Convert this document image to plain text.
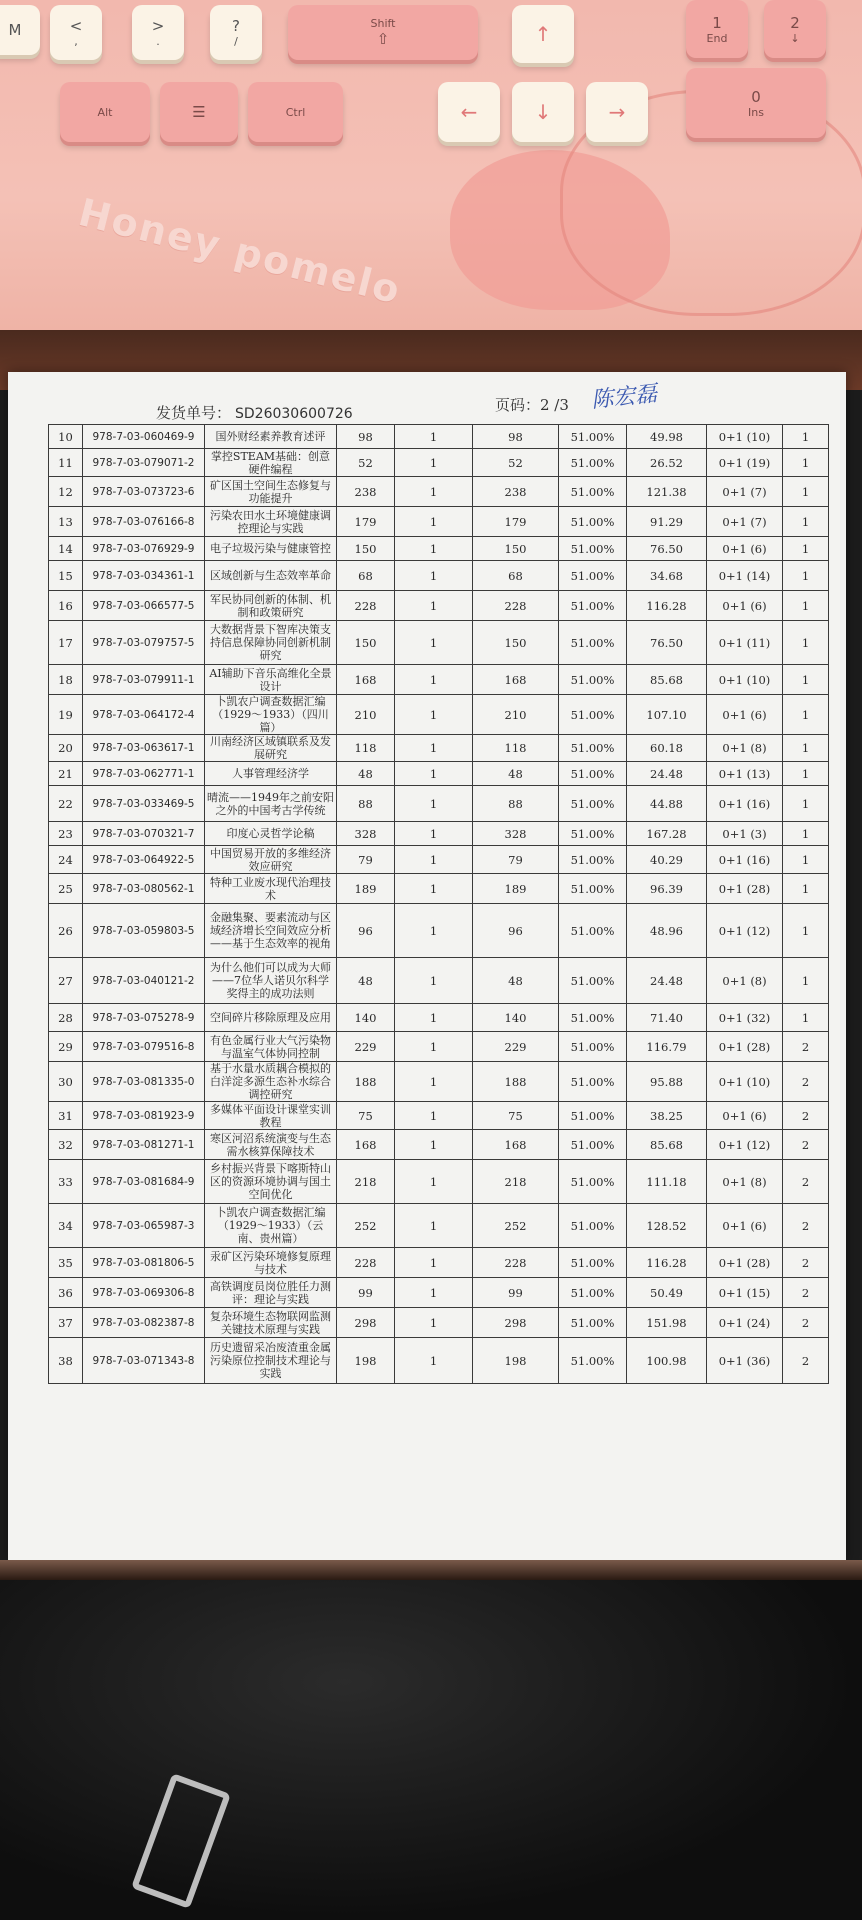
M	<
,
>
.
?
/
Shift
⇧	↑	1
End
2
↓
Alt	☰	Ctrl	←	↓	→
0
Ins
Honey pomelo
发货单号： SD26030600726	页码：2 /3 陈宏磊
10	978-7-03-060469-9	国外财经素养教育述评	98	1	98	51.00%	49.98	0+1 (10)	1
11	978-7-03-079071-2	掌控STEAM基础：创意硬件编程	52	1	52	51.00%	26.52	0+1 (19)	1
12	978-7-03-073723-6	矿区国土空间生态修复与功能提升	238	1	238	51.00%	121.38	0+1 (7)	1
13	978-7-03-076166-8	污染农田水土环境健康调控理论与实践	179	1	179	51.00%	91.29	0+1 (7)	1
14	978-7-03-076929-9	电子垃圾污染与健康管控	150	1	150	51.00%	76.50	0+1 (6)	1
15	978-7-03-034361-1	区域创新与生态效率革命	68	1	68	51.00%	34.68	0+1 (14)	1
16	978-7-03-066577-5	军民协同创新的体制、机制和政策研究	228	1	228	51.00%	116.28	0+1 (6)	1
17	978-7-03-079757-5	大数据背景下智库决策支持信息保障协同创新机制研究	150	1	150	51.00%	76.50	0+1 (11)	1
18	978-7-03-079911-1	AI辅助下音乐高维化全景设计	168	1	168	51.00%	85.68	0+1 (10)	1
19	978-7-03-064172-4	卜凯农户调查数据汇编（1929～1933）（四川篇）	210	1	210	51.00%	107.10	0+1 (6)	1
20	978-7-03-063617-1	川南经济区域镇联系及发展研究	118	1	118	51.00%	60.18	0+1 (8)	1
21	978-7-03-062771-1	人事管理经济学	48	1	48	51.00%	24.48	0+1 (13)	1
22	978-7-03-033469-5	晴流——1949年之前安阳之外的中国考古学传统	88	1	88	51.00%	44.88	0+1 (16)	1
23	978-7-03-070321-7	印度心灵哲学论稿	328	1	328	51.00%	167.28	0+1 (3)	1
24	978-7-03-064922-5	中国贸易开放的多维经济效应研究	79	1	79	51.00%	40.29	0+1 (16)	1
25	978-7-03-080562-1	特种工业废水现代治理技术	189	1	189	51.00%	96.39	0+1 (28)	1
26	978-7-03-059803-5	金融集聚、要素流动与区域经济增长空间效应分析——基于生态效率的视角	96	1	96	51.00%	48.96	0+1 (12)	1
27	978-7-03-040121-2	为什么他们可以成为大师——7位华人诺贝尔科学奖得主的成功法则	48	1	48	51.00%	24.48	0+1 (8)	1
28	978-7-03-075278-9	空间碎片移除原理及应用	140	1	140	51.00%	71.40	0+1 (32)	1
29	978-7-03-079516-8	有色金属行业大气污染物与温室气体协同控制	229	1	229	51.00%	116.79	0+1 (28)	2
30	978-7-03-081335-0	基于水量水质耦合模拟的白洋淀多源生态补水综合调控研究	188	1	188	51.00%	95.88	0+1 (10)	2
31	978-7-03-081923-9	多媒体平面设计课堂实训教程	75	1	75	51.00%	38.25	0+1 (6)	2
32	978-7-03-081271-1	寒区河沼系统演变与生态需水核算保障技术	168	1	168	51.00%	85.68	0+1 (12)	2
33	978-7-03-081684-9	乡村振兴背景下喀斯特山区的资源环境协调与国土空间优化	218	1	218	51.00%	111.18	0+1 (8)	2
34	978-7-03-065987-3	卜凯农户调查数据汇编（1929～1933）（云南、贵州篇）	252	1	252	51.00%	128.52	0+1 (6)	2
35	978-7-03-081806-5	汞矿区污染环境修复原理与技术	228	1	228	51.00%	116.28	0+1 (28)	2
36	978-7-03-069306-8	高铁调度员岗位胜任力测评：理论与实践	99	1	99	51.00%	50.49	0+1 (15)	2
37	978-7-03-082387-8	复杂环境生态物联网监测关键技术原理与实践	298	1	298	51.00%	151.98	0+1 (24)	2
38	978-7-03-071343-8	历史遗留采冶废渣重金属污染原位控制技术理论与实践	198	1	198	51.00%	100.98	0+1 (36)	2
